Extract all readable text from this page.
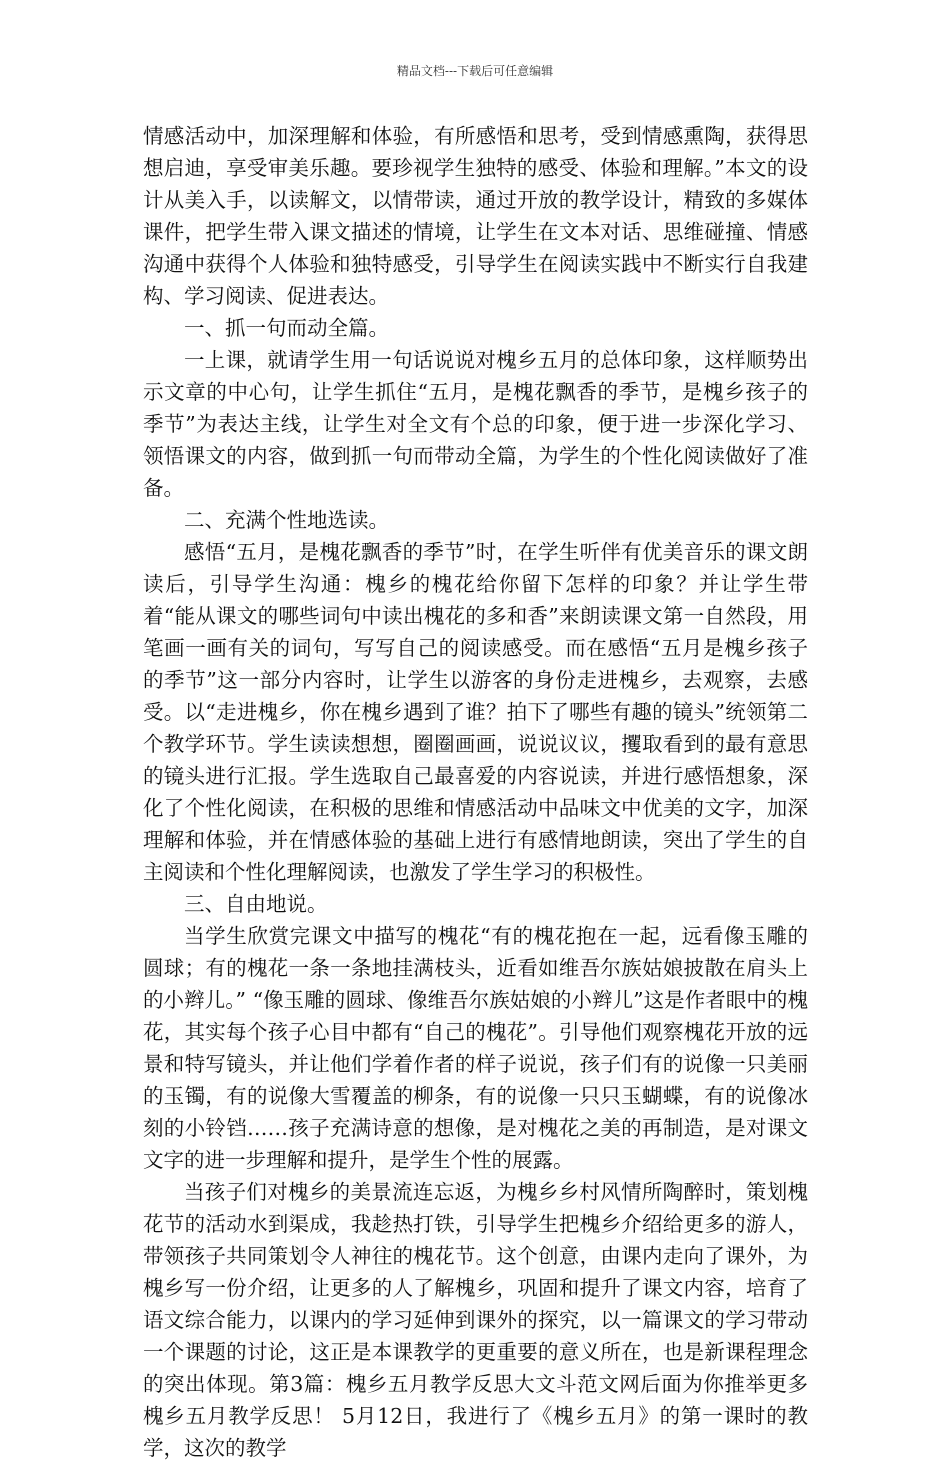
精品文档---下载后可任意编辑

情感活动中，加深理解和体验，有所感悟和思考，受到情感熏陶，获得思想启迪，享受审美乐趣。要珍视学生独特的感受、体验和理解。”本文的设计从美入手，以读解文，以情带读，通过开放的教学设计，精致的多媒体课件，把学生带入课文描述的情境，让学生在文本对话、思维碰撞、情感沟通中获得个人体验和独特感受，引导学生在阅读实践中不断实行自我建构、学习阅读、促进表达。

一、抓一句而动全篇。

一上课，就请学生用一句话说说对槐乡五月的总体印象，这样顺势出示文章的中心句，让学生抓住“五月，是槐花飘香的季节，是槐乡孩子的季节”为表达主线，让学生对全文有个总的印象，便于进一步深化学习、领悟课文的内容，做到抓一句而带动全篇，为学生的个性化阅读做好了准备。

二、充满个性地选读。

感悟“五月，是槐花飘香的季节”时，在学生听伴有优美音乐的课文朗读后，引导学生沟通：槐乡的槐花给你留下怎样的印象？并让学生带着“能从课文的哪些词句中读出槐花的多和香”来朗读课文第一自然段，用笔画一画有关的词句，写写自己的阅读感受。而在感悟“五月是槐乡孩子的季节”这一部分内容时，让学生以游客的身份走进槐乡，去观察，去感受。以“走进槐乡，你在槐乡遇到了谁？拍下了哪些有趣的镜头”统领第二个教学环节。学生读读想想，圈圈画画，说说议议，攫取看到的最有意思的镜头进行汇报。学生选取自己最喜爱的内容说读，并进行感悟想象，深化了个性化阅读，在积极的思维和情感活动中品味文中优美的文字，加深理解和体验，并在情感体验的基础上进行有感情地朗读，突出了学生的自主阅读和个性化理解阅读，也激发了学生学习的积极性。

三、自由地说。

当学生欣赏完课文中描写的槐花“有的槐花抱在一起，远看像玉雕的圆球；有的槐花一条一条地挂满枝头，近看如维吾尔族姑娘披散在肩头上的小辫儿。” “像玉雕的圆球、像维吾尔族姑娘的小辫儿”这是作者眼中的槐花，其实每个孩子心目中都有“自己的槐花”。引导他们观察槐花开放的远景和特写镜头，并让他们学着作者的样子说说，孩子们有的说像一只美丽的玉镯，有的说像大雪覆盖的柳条，有的说像一只只玉蝴蝶，有的说像冰刻的小铃铛……孩子充满诗意的想像，是对槐花之美的再制造，是对课文文字的进一步理解和提升，是学生个性的展露。

当孩子们对槐乡的美景流连忘返，为槐乡乡村风情所陶醉时，策划槐花节的活动水到渠成，我趁热打铁，引导学生把槐乡介绍给更多的游人，带领孩子共同策划令人神往的槐花节。这个创意，由课内走向了课外，为槐乡写一份介绍，让更多的人了解槐乡，巩固和提升了课文内容，培育了语文综合能力，以课内的学习延伸到课外的探究，以一篇课文的学习带动一个课题的讨论，这正是本课教学的更重要的意义所在，也是新课程理念的突出体现。第3篇：槐乡五月教学反思大文斗范文网后面为你推举更多槐乡五月教学反思！ 5月12日，我进行了《槐乡五月》的第一课时的教学，这次的教学
